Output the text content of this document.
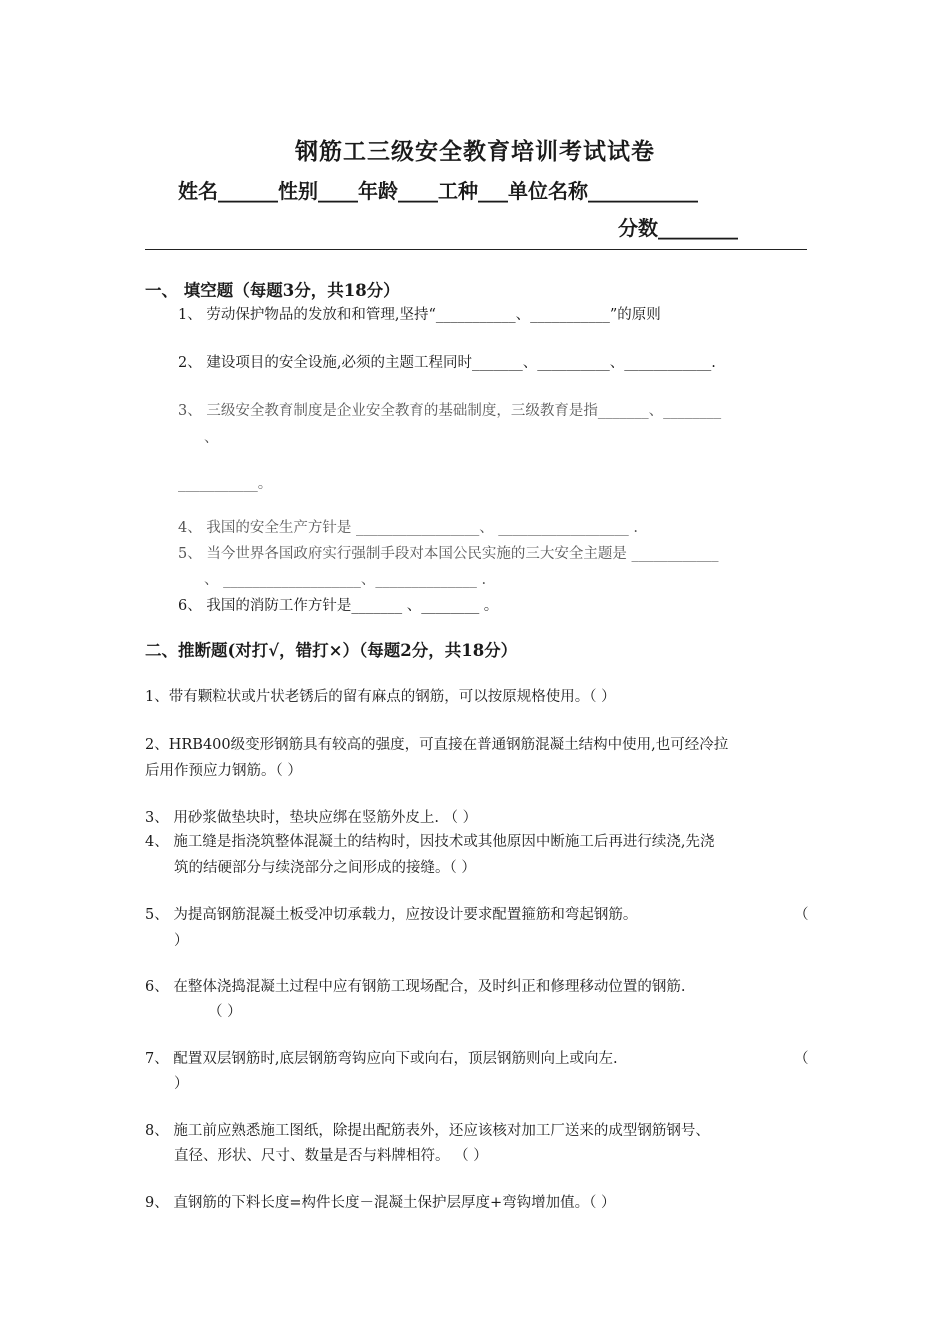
钢筋工三级安全教育培训考试试卷
姓名______性别____年龄____工种___单位名称___________
分数________
一、 填空题（每题3分，共18分）
1、 劳动保护物品的发放和和管理,坚持“___________、___________”的原则
2、 建设项目的安全设施,必须的主题工程同时_______、__________、____________.
3、 三级安全教育制度是企业安全教育的基础制度，三级教育是指_______、________
、
___________。
4、 我国的安全生产方针是 _________________、 __________________ .
5、 当今世界各国政府实行强制手段对本国公民实施的三大安全主题是 ____________
、 ___________________、______________ .
6、 我国的消防工作方针是_______ 、________ 。
二、推断题(对打√，错打×）（每题2分，共18分）
1、带有颗粒状或片状老锈后的留有麻点的钢筋，可以按原规格使用。（ ）
2、HRB400级变形钢筋具有较高的强度，可直接在普通钢筋混凝土结构中使用,也可经冷拉
后用作预应力钢筋。（ ）
3、 用砂浆做垫块时，垫块应绑在竖筋外皮上. （ ）
4、 施工缝是指浇筑整体混凝土的结构时，因技术或其他原因中断施工后再进行续浇,先浇
筑的结硬部分与续浇部分之间形成的接缝。（ ）
5、 为提高钢筋混凝土板受冲切承载力，应按设计要求配置箍筋和弯起钢筋。	（
）
6、 在整体浇捣混凝土过程中应有钢筋工现场配合，及时纠正和修理移动位置的钢筋.
（ ）
7、 配置双层钢筋时,底层钢筋弯钩应向下或向右，顶层钢筋则向上或向左.	（
）
8、 施工前应熟悉施工图纸，除提出配筋表外，还应该核对加工厂送来的成型钢筋钢号、
直径、形状、尺寸、数量是否与料牌相符。 （ ）
9、 直钢筋的下料长度=构件长度－混凝土保护层厚度+弯钩增加值。（ ）
